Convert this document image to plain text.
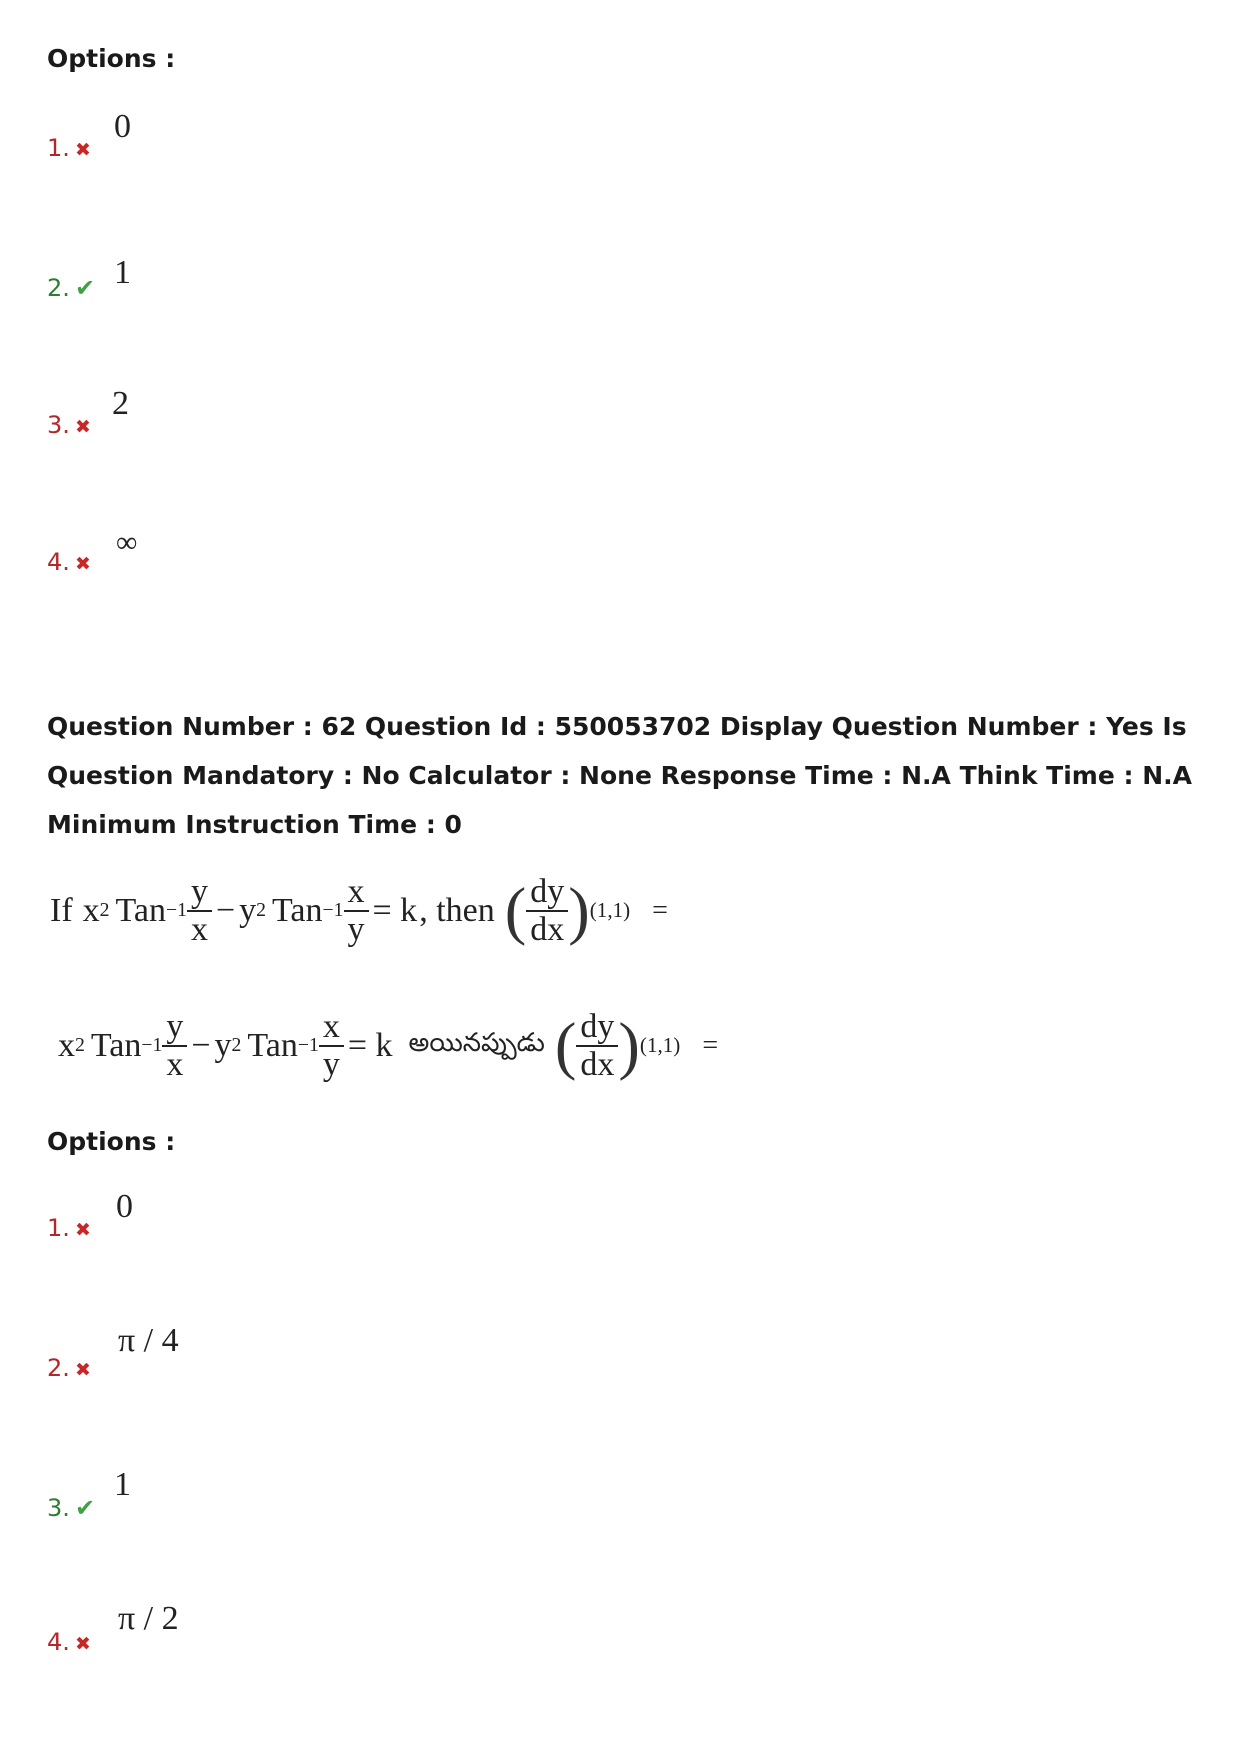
Options :
1. ✖
0
2. ✔ 1
3. ✖
2
4. ✖
∞
Question Number : 62 Question Id : 550053702 Display Question Number : Yes Is Question Mandatory : No Calculator : None Response Time : N.A Think Time : N.A Minimum Instruction Time : 0
If x 2 Tan $-1 \frac{y}{x} - y$ 2 Tan $-1 \frac{x}{y} = k$ , then ( $\frac{dy}{dx}$ ) (1,1) =
x 2 Tan $-1 \frac{y}{x} - y$ 2 Tan $-1 \frac{x}{y} = k$ అయినప్పుడు ( $\frac{dy}{dx}$ ) (1,1) =
Options :
1. ✖
0
2. ✖
π / 4
3. ✔
1
4. ✖
π / 2
